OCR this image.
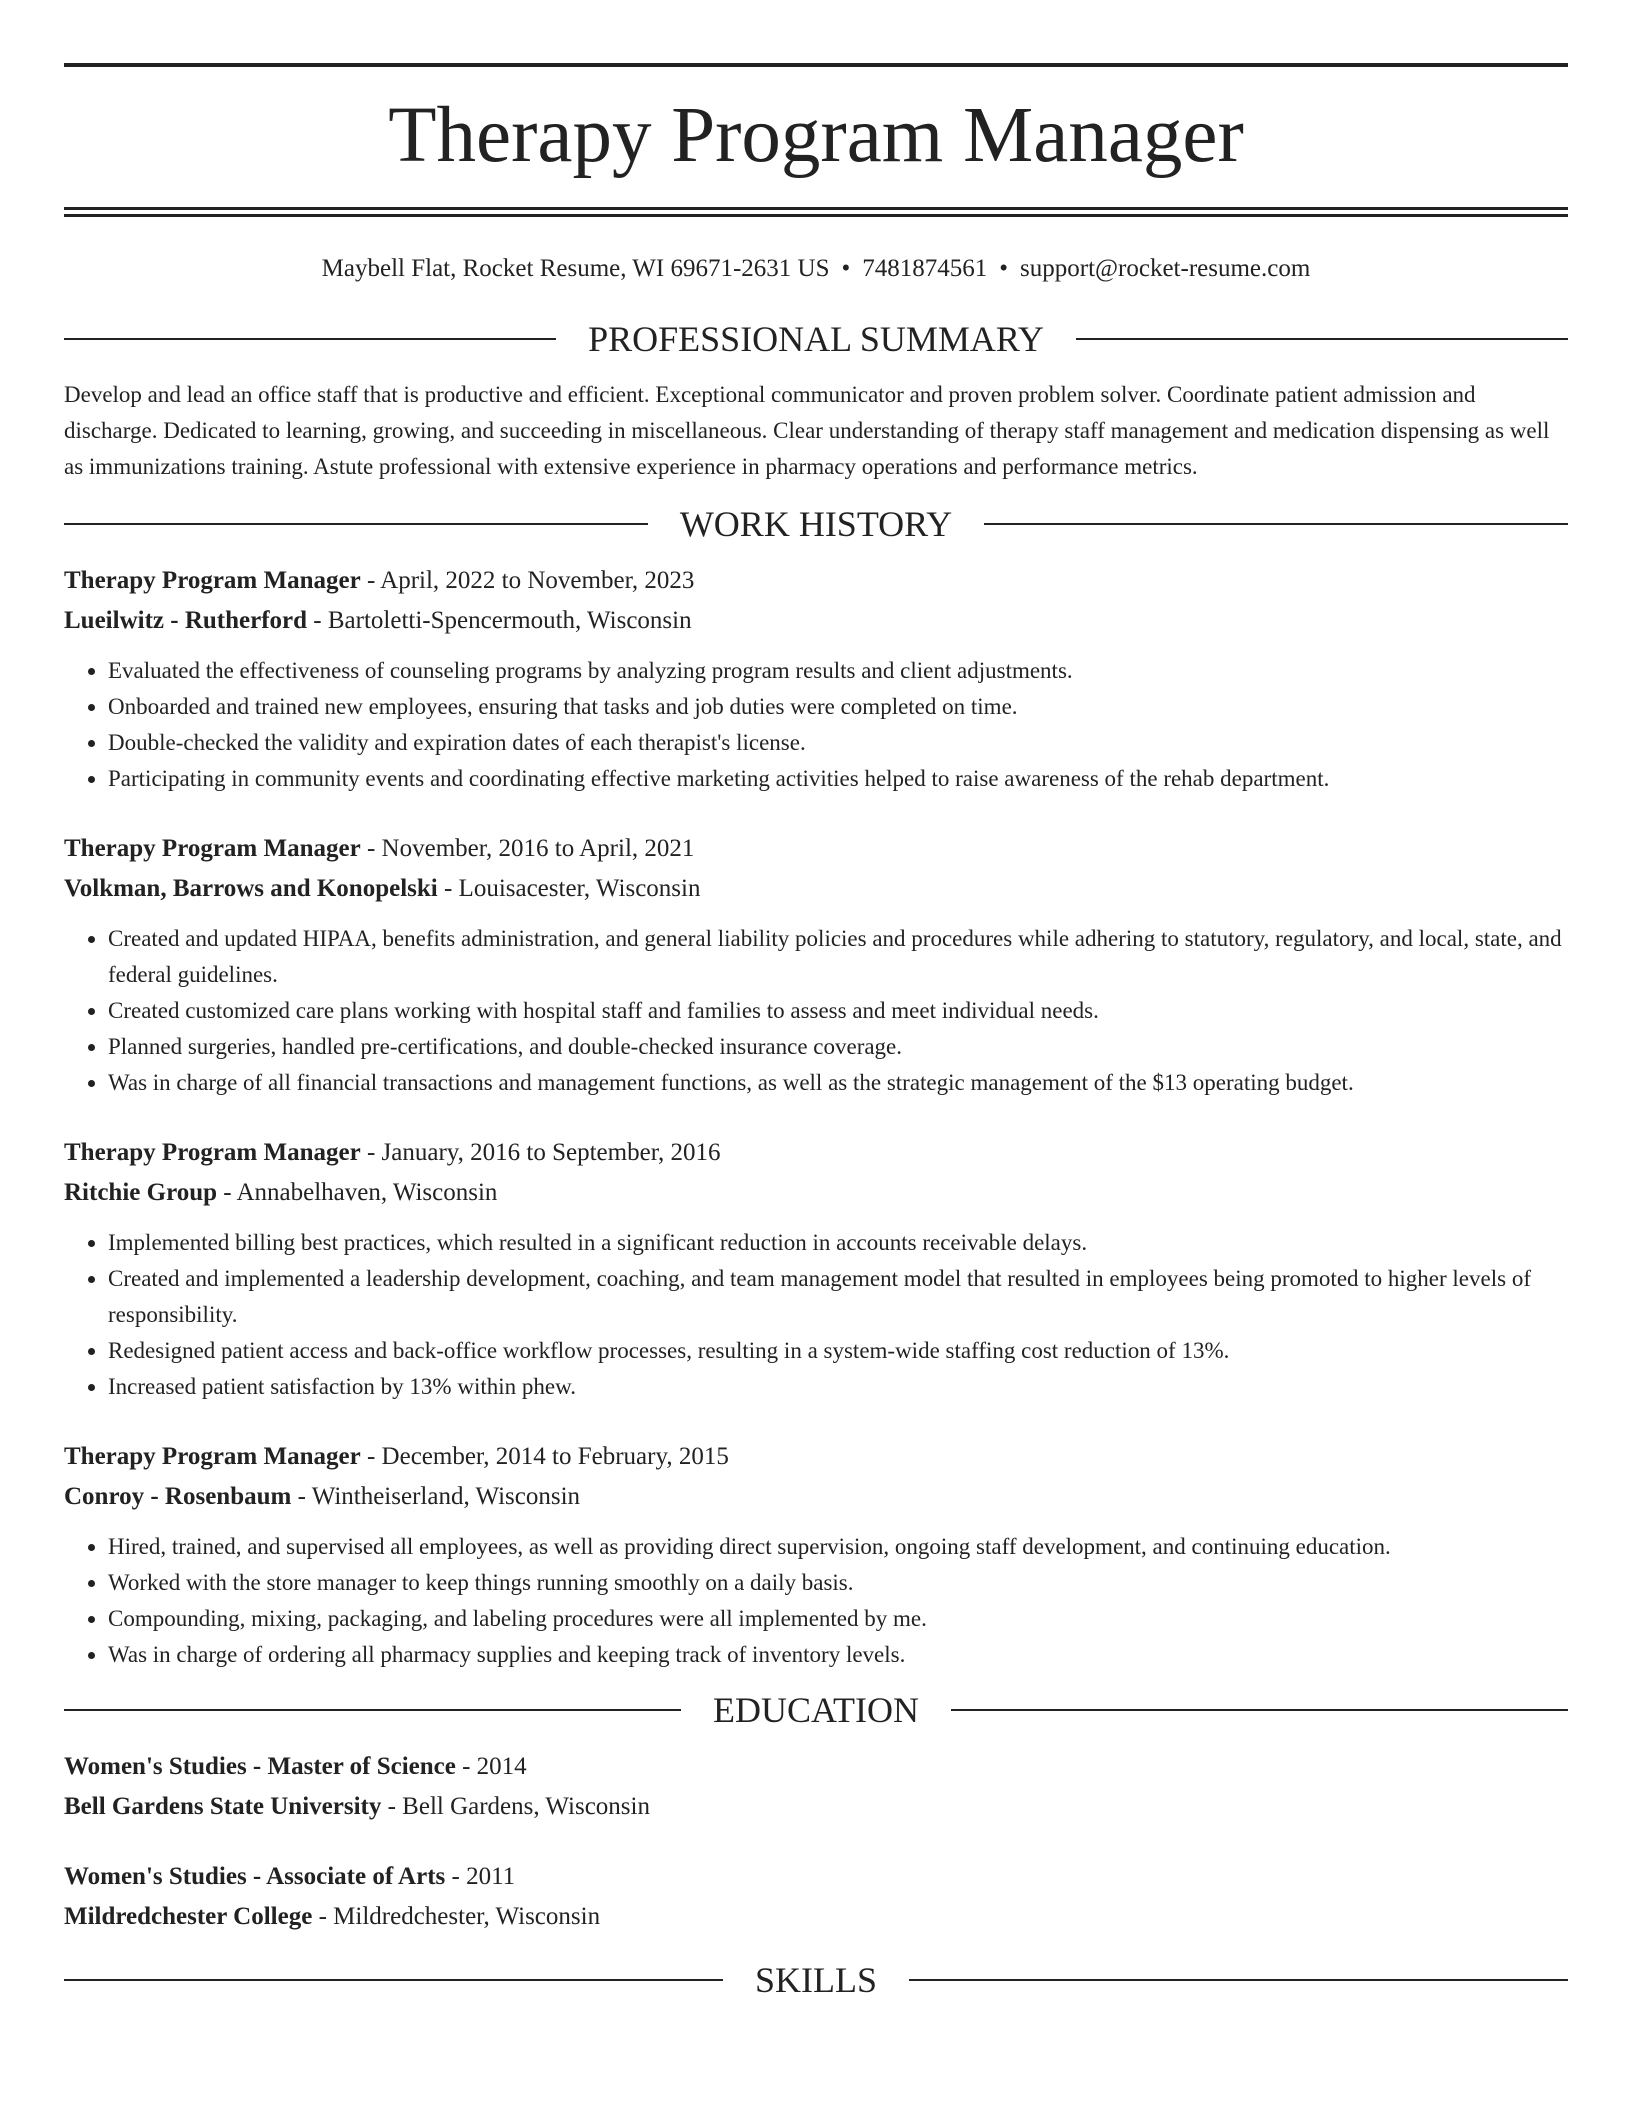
Therapy Program Manager
Maybell Flat, Rocket Resume, WI 69671-2631 US • 7481874561 • support@rocket-resume.com
PROFESSIONAL SUMMARY
Develop and lead an office staff that is productive and efficient. Exceptional communicator and proven problem solver. Coordinate patient admission and discharge. Dedicated to learning, growing, and succeeding in miscellaneous. Clear understanding of therapy staff management and medication dispensing as well as immunizations training. Astute professional with extensive experience in pharmacy operations and performance metrics.
WORK HISTORY
Therapy Program Manager - April, 2022 to November, 2023
Lueilwitz - Rutherford - Bartoletti-Spencermouth, Wisconsin
• Evaluated the effectiveness of counseling programs by analyzing program results and client adjustments.
• Onboarded and trained new employees, ensuring that tasks and job duties were completed on time.
• Double-checked the validity and expiration dates of each therapist's license.
• Participating in community events and coordinating effective marketing activities helped to raise awareness of the rehab department.
Therapy Program Manager - November, 2016 to April, 2021
Volkman, Barrows and Konopelski - Louisacester, Wisconsin
• Created and updated HIPAA, benefits administration, and general liability policies and procedures while adhering to statutory, regulatory, and local, state, and federal guidelines.
• Created customized care plans working with hospital staff and families to assess and meet individual needs.
• Planned surgeries, handled pre-certifications, and double-checked insurance coverage.
• Was in charge of all financial transactions and management functions, as well as the strategic management of the $13 operating budget.
Therapy Program Manager - January, 2016 to September, 2016
Ritchie Group - Annabelhaven, Wisconsin
• Implemented billing best practices, which resulted in a significant reduction in accounts receivable delays.
• Created and implemented a leadership development, coaching, and team management model that resulted in employees being promoted to higher levels of responsibility.
• Redesigned patient access and back-office workflow processes, resulting in a system-wide staffing cost reduction of 13%.
• Increased patient satisfaction by 13% within phew.
Therapy Program Manager - December, 2014 to February, 2015
Conroy - Rosenbaum - Wintheiserland, Wisconsin
• Hired, trained, and supervised all employees, as well as providing direct supervision, ongoing staff development, and continuing education.
• Worked with the store manager to keep things running smoothly on a daily basis.
• Compounding, mixing, packaging, and labeling procedures were all implemented by me.
• Was in charge of ordering all pharmacy supplies and keeping track of inventory levels.
EDUCATION
Women's Studies - Master of Science - 2014
Bell Gardens State University - Bell Gardens, Wisconsin
Women's Studies - Associate of Arts - 2011
Mildredchester College - Mildredchester, Wisconsin
SKILLS
